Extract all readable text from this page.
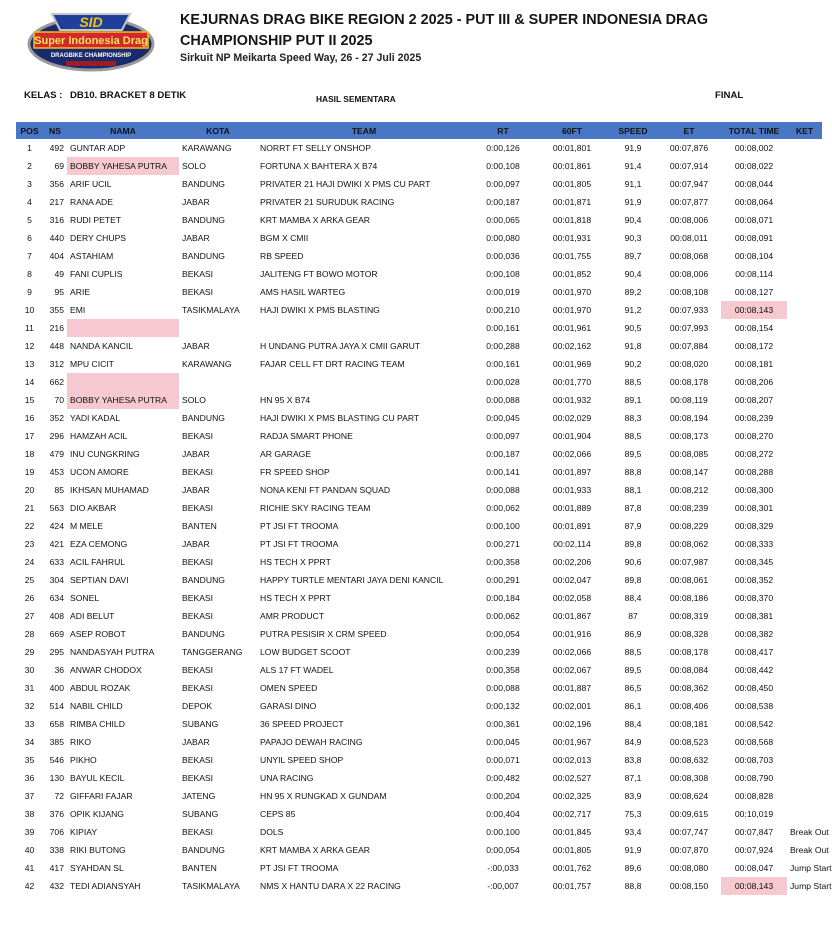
SID
Super Indonesia Drag
DRAGBIKE CHAMPIONSHIP
KEJURNAS DRAG BIKE REGION 2 2025 - PUT III & SUPER INDONESIA DRAG CHAMPIONSHIP PUT II 2025
Sirkuit NP Meikarta Speed Way, 26 - 27 Juli 2025
KELAS : DB10. BRACKET 8 DETIK	HASIL SEMENTARA	FINAL
POS	NS	NAMA	KOTA	TEAM	RT	60FT	SPEED	ET	TOTAL TIME	KET
1	492	GUNTAR ADP	KARAWANG	NORRT FT SELLY ONSHOP	0:00,126	00:01,801	91,9	00:07,876	00:08,002	
2	69	BOBBY YAHESA PUTRA	SOLO	FORTUNA X BAHTERA X B74	0:00,108	00:01,861	91,4	00:07,914	00:08,022	
3	356	ARIF UCIL	BANDUNG	PRIVATER 21 HAJI DWIKI X PMS CU PART	0:00,097	00:01,805	91,1	00:07,947	00:08,044	
4	217	RANA ADE	JABAR	PRIVATER 21 SURUDUK RACING	0:00,187	00:01,871	91,9	00:07,877	00:08,064	
5	316	RUDI PETET	BANDUNG	KRT MAMBA X ARKA GEAR	0:00,065	00:01,818	90,4	00:08,006	00:08,071	
6	440	DERY CHUPS	JABAR	BGM X CMII	0:00,080	00:01,931	90,3	00:08,011	00:08,091	
7	404	ASTAHIAM	BANDUNG	RB SPEED	0:00,036	00:01,755	89,7	00:08,068	00:08,104	
8	49	FANI CUPLIS	BEKASI	JALITENG FT BOWO MOTOR	0:00,108	00:01,852	90,4	00:08,006	00:08,114	
9	95	ARIE	BEKASI	AMS HASIL WARTEG	0:00,019	00:01,970	89,2	00:08,108	00:08,127	
10	355	EMI	TASIKMALAYA	HAJI DWIKI X PMS BLASTING	0:00,210	00:01,970	91,2	00:07,933	00:08,143	
11	216				0:00,161	00:01,961	90,5	00:07,993	00:08,154	
12	448	NANDA KANCIL	JABAR	H UNDANG PUTRA JAYA X CMII GARUT	0:00,288	00:02,162	91,8	00:07,884	00:08,172	
13	312	MPU CICIT	KARAWANG	FAJAR CELL FT DRT RACING TEAM	0:00,161	00:01,969	90,2	00:08,020	00:08,181	
14	662				0:00,028	00:01,770	88,5	00:08,178	00:08,206	
15	70	BOBBY YAHESA PUTRA	SOLO	HN 95 X B74	0:00,088	00:01,932	89,1	00:08,119	00:08,207	
16	352	YADI KADAL	BANDUNG	HAJI DWIKI X PMS BLASTING CU PART	0:00,045	00:02,029	88,3	00:08,194	00:08,239	
17	296	HAMZAH ACIL	BEKASI	RADJA SMART PHONE	0:00,097	00:01,904	88,5	00:08,173	00:08,270	
18	479	INU CUNGKRING	JABAR	AR GARAGE	0:00,187	00:02,066	89,5	00:08,085	00:08,272	
19	453	UCON AMORE	BEKASI	FR SPEED SHOP	0:00,141	00:01,897	88,8	00:08,147	00:08,288	
20	85	IKHSAN MUHAMAD	JABAR	NONA KENI FT PANDAN SQUAD	0:00,088	00:01,933	88,1	00:08,212	00:08,300	
21	563	DIO AKBAR	BEKASI	RICHIE SKY RACING TEAM	0:00,062	00:01,889	87,8	00:08,239	00:08,301	
22	424	M MELE	BANTEN	PT JSI FT TROOMA	0:00,100	00:01,891	87,9	00:08,229	00:08,329	
23	421	EZA CEMONG	JABAR	PT JSI FT TROOMA	0:00,271	00:02,114	89,8	00:08,062	00:08,333	
24	633	ACIL FAHRUL	BEKASI	HS TECH X PPRT	0:00,358	00:02,206	90,6	00:07,987	00:08,345	
25	304	SEPTIAN DAVI	BANDUNG	HAPPY TURTLE MENTARI JAYA DENI KANCIL	0:00,291	00:02,047	89,8	00:08,061	00:08,352	
26	634	SONEL	BEKASI	HS TECH X PPRT	0:00,184	00:02,058	88,4	00:08,186	00:08,370	
27	408	ADI BELUT	BEKASI	AMR PRODUCT	0:00,062	00:01,867	87	00:08,319	00:08,381	
28	669	ASEP ROBOT	BANDUNG	PUTRA PESISIR X CRM SPEED	0:00,054	00:01,916	86,9	00:08,328	00:08,382	
29	295	NANDASYAH PUTRA	TANGGERANG	LOW BUDGET SCOOT	0:00,239	00:02,066	88,5	00:08,178	00:08,417	
30	36	ANWAR CHODOX	BEKASI	ALS 17 FT WADEL	0:00,358	00:02,067	89,5	00:08,084	00:08,442	
31	400	ABDUL ROZAK	BEKASI	OMEN SPEED	0:00,088	00:01,887	86,5	00:08,362	00:08,450	
32	514	NABIL CHILD	DEPOK	GARASI DINO	0:00,132	00:02,001	86,1	00:08,406	00:08,538	
33	658	RIMBA CHILD	SUBANG	36 SPEED PROJECT	0:00,361	00:02,196	88,4	00:08,181	00:08,542	
34	385	RIKO	JABAR	PAPAJO DEWAH RACING	0:00,045	00:01,967	84,9	00:08,523	00:08,568	
35	546	PIKHO	BEKASI	UNYIL SPEED SHOP	0:00,071	00:02,013	83,8	00:08,632	00:08,703	
36	130	BAYUL KECIL	BEKASI	UNA RACING	0:00,482	00:02,527	87,1	00:08,308	00:08,790	
37	72	GIFFARI FAJAR	JATENG	HN 95 X RUNGKAD X GUNDAM	0:00,204	00:02,325	83,9	00:08,624	00:08,828	
38	376	OPIK KIJANG	SUBANG	CEPS 85	0:00,404	00:02,717	75,3	00:09,615	00:10,019	
39	706	KIPIAY	BEKASI	DOLS	0:00,100	00:01,845	93,4	00:07,747	00:07,847	Break Out
40	338	RIKI BUTONG	BANDUNG	KRT MAMBA X ARKA GEAR	0:00,054	00:01,805	91,9	00:07,870	00:07,924	Break Out
41	417	SYAHDAN SL	BANTEN	PT JSI FT TROOMA	-:00,033	00:01,762	89,6	00:08,080	00:08,047	Jump Start
42	432	TEDI ADIANSYAH	TASIKMALAYA	NMS X HANTU DARA X 22 RACING	-:00,007	00:01,757	88,8	00:08,150	00:08,143	Jump Start
